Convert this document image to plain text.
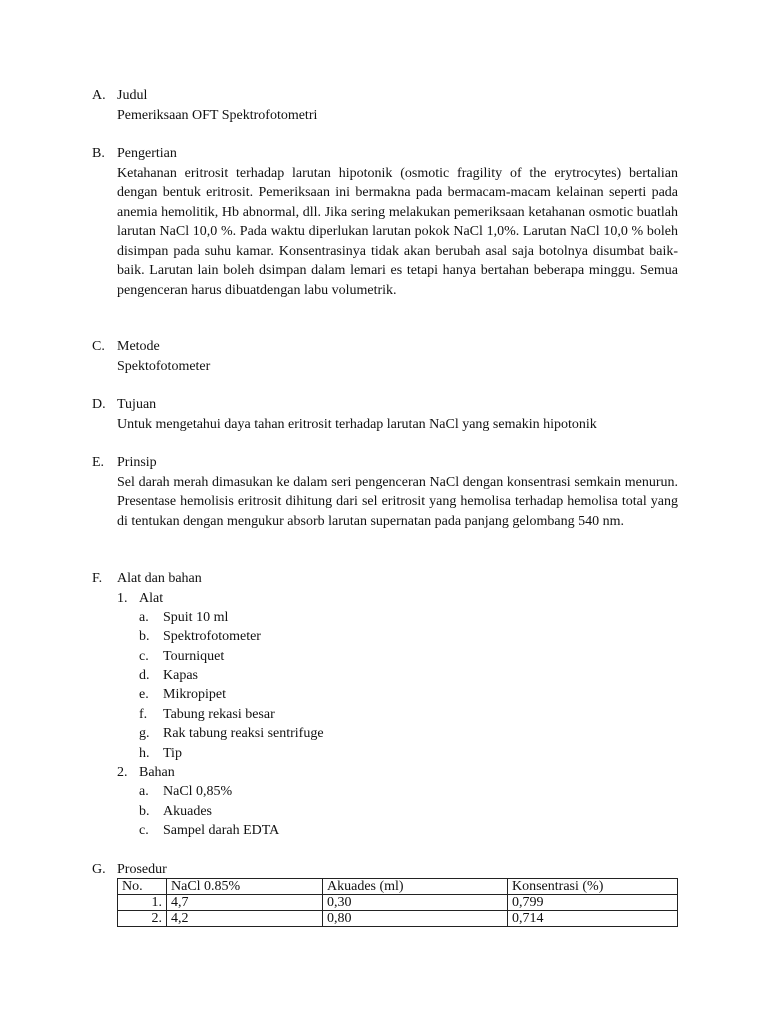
A. Judul
Pemeriksaan OFT Spektrofotometri
B. Pengertian
Ketahanan eritrosit terhadap larutan hipotonik (osmotic fragility of the erytrocytes) bertalian dengan bentuk eritrosit. Pemeriksaan ini bermakna pada bermacam-macam kelainan seperti pada anemia hemolitik, Hb abnormal, dll. Jika sering melakukan pemeriksaan ketahanan osmotic buatlah larutan NaCl 10,0 %. Pada waktu diperlukan larutan pokok NaCl 1,0%. Larutan NaCl 10,0 % boleh disimpan pada suhu kamar. Konsentrasinya tidak akan berubah asal saja botolnya disumbat baik-baik. Larutan lain boleh dsimpan dalam lemari es tetapi hanya bertahan beberapa minggu. Semua pengenceran harus dibuatdengan labu volumetrik.
C. Metode
Spektofotometer
D. Tujuan
Untuk mengetahui daya tahan eritrosit terhadap larutan NaCl yang semakin hipotonik
E. Prinsip
Sel darah merah dimasukan ke dalam seri pengenceran NaCl dengan konsentrasi semkain menurun. Presentase hemolisis eritrosit dihitung dari sel eritrosit yang hemolisa terhadap hemolisa total yang di tentukan dengan mengukur absorb larutan supernatan pada panjang gelombang 540 nm.
F. Alat dan bahan
1. Alat
a. Spuit 10 ml
b. Spektrofotometer
c. Tourniquet
d. Kapas
e. Mikropipet
f. Tabung rekasi besar
g. Rak tabung reaksi sentrifuge
h. Tip
2. Bahan
a. NaCl 0,85%
b. Akuades
c. Sampel darah EDTA
G. Prosedur
No.	NaCl 0.85%	Akuades (ml)	Konsentrasi (%)
1.	4,7	0,30	0,799
2.	4,2	0,80	0,714
